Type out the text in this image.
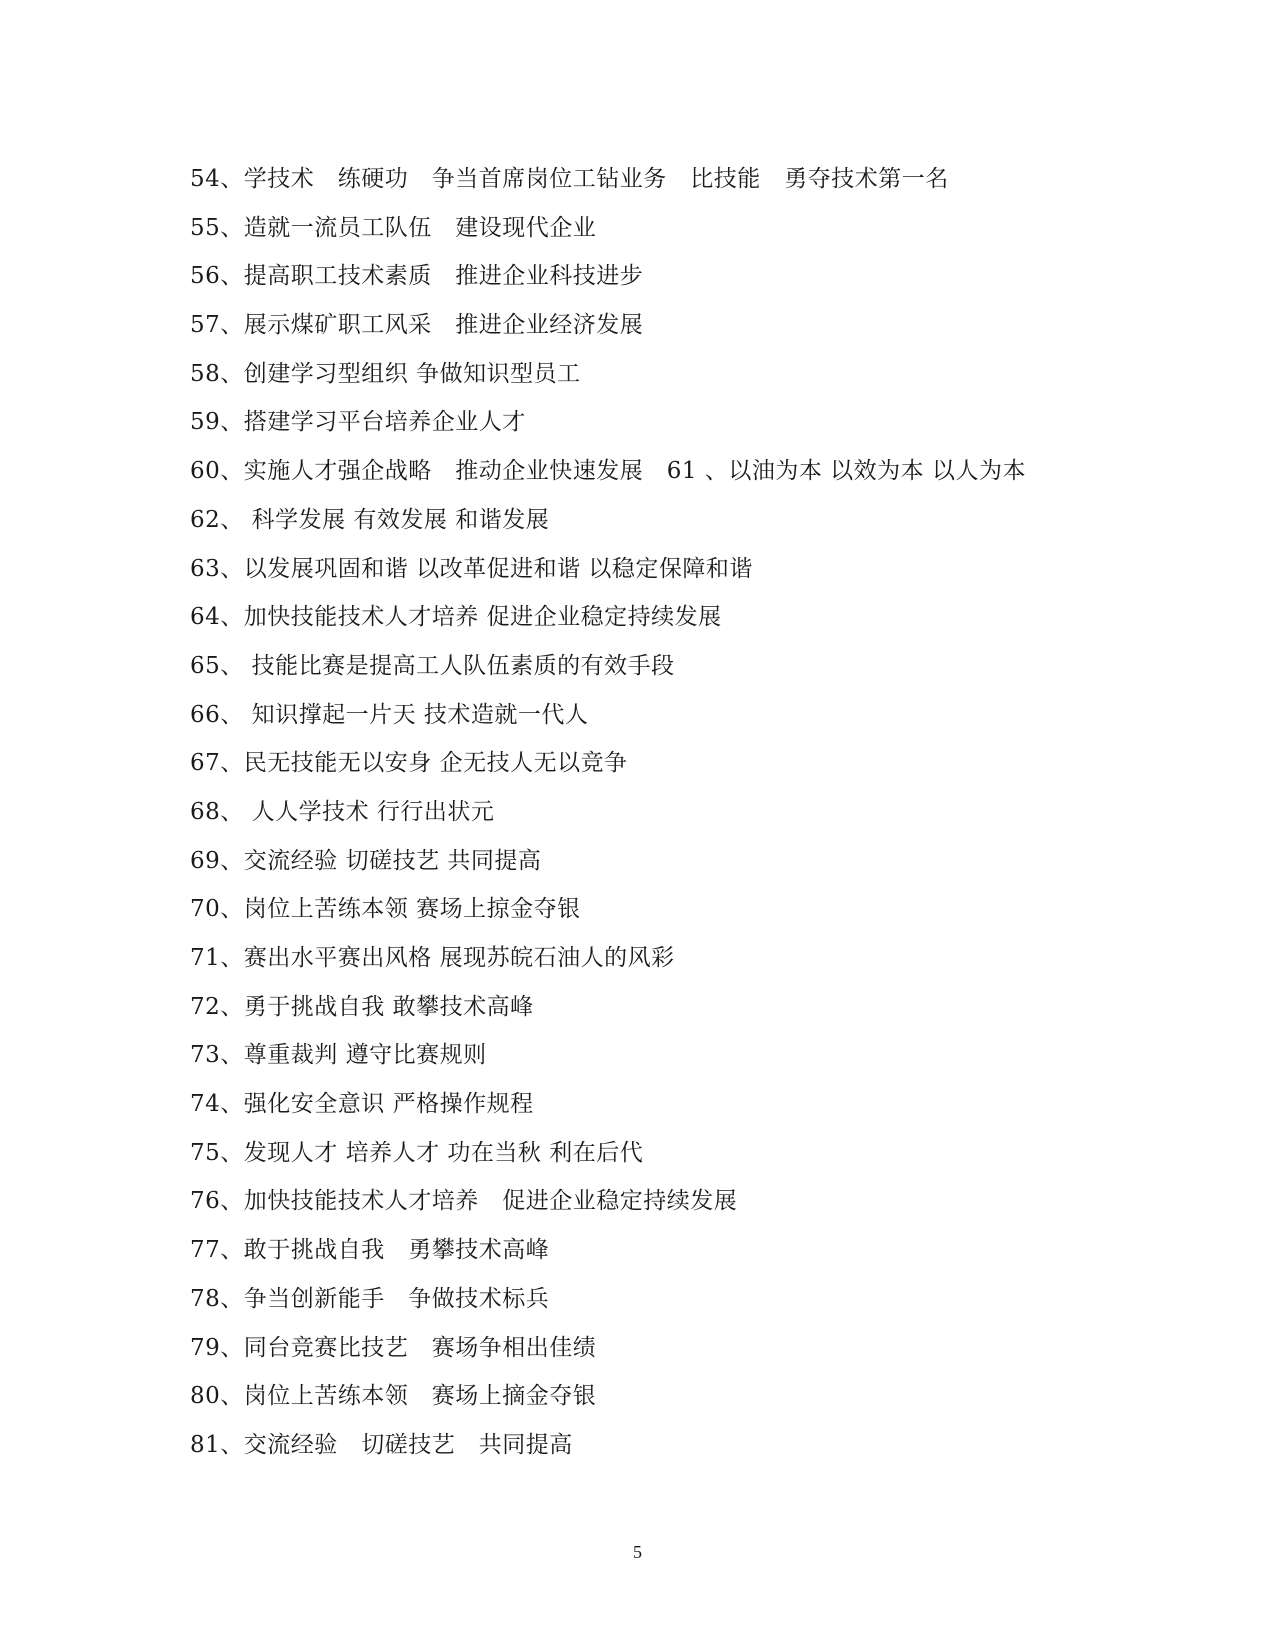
54、学技术　练硬功　争当首席岗位工钻业务　比技能　勇夺技术第一名
55、造就一流员工队伍　建设现代企业
56、提高职工技术素质　推进企业科技进步
57、展示煤矿职工风采　推进企业经济发展
58、创建学习型组织 争做知识型员工
59、搭建学习平台培养企业人才
60、实施人才强企战略　推动企业快速发展　61 、以油为本 以效为本 以人为本
62、 科学发展 有效发展 和谐发展
63、以发展巩固和谐 以改革促进和谐 以稳定保障和谐
64、加快技能技术人才培养 促进企业稳定持续发展
65、 技能比赛是提高工人队伍素质的有效手段
66、 知识撑起一片天 技术造就一代人
67、民无技能无以安身 企无技人无以竞争
68、 人人学技术 行行出状元
69、交流经验 切磋技艺 共同提高
70、岗位上苦练本领 赛场上掠金夺银
71、赛出水平赛出风格 展现苏皖石油人的风彩
72、勇于挑战自我 敢攀技术高峰
73、尊重裁判 遵守比赛规则
74、强化安全意识 严格操作规程
75、发现人才 培养人才 功在当秋 利在后代
76、加快技能技术人才培养　促进企业稳定持续发展
77、敢于挑战自我　勇攀技术高峰
78、争当创新能手　争做技术标兵
79、同台竞赛比技艺　赛场争相出佳绩
80、岗位上苦练本领　赛场上摘金夺银
81、交流经验　切磋技艺　共同提高
5
